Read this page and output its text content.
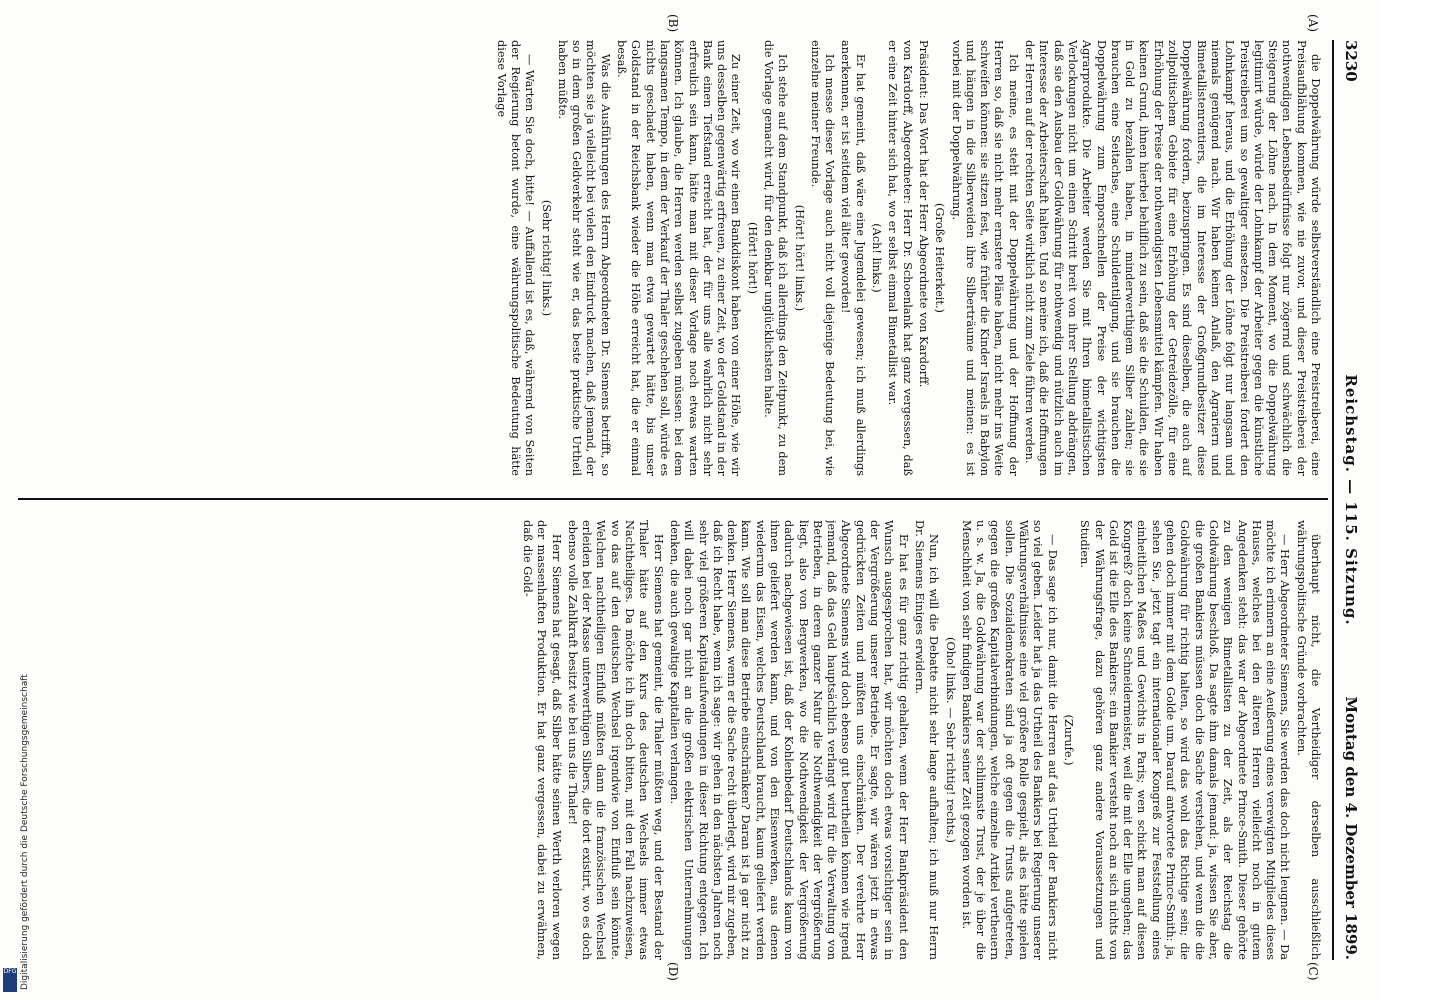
3230
Reichstag. — 115. Sitzung.
Montag den 4. Dezember 1899.
(A)
(B)
(C)
(D)

die Doppelwährung würde selbstverständlich eine Preistreiberei, eine Preisaufblähung kommen, wie nie zuvor, und dieser Preistreiberei der nothwendigen Lebensbedürfnisse folgt nur zögernd und schwächlich die Steigerung der Löhne nach. In dem Moment, wo die Doppelwährung legitimirt würde, würde der Lohnkampf der Arbeiter gegen die künstliche Preistreiberei um so gewaltiger einsetzen. Die Preistreiberei fordert den Lohnkampf heraus, und die Erhöhung der Löhne folgt nur langsam und niemals genügend nach. Wir haben keinen Anlaß, den Agrariern und Bimetallistenrentiers, die im Interesse der Großgrundbesitzer diese Doppelwährung fordern, beizuspringen. Es sind dieselben, die auch auf zollpolitischem Gebiete für eine Erhöhung der Getreidezölle, für eine Erhöhung der Preise der nothwendigsten Lebensmittel kämpfen. Wir haben keinen Grund, ihnen hierbei behilflich zu sein, daß sie die Schulden, die sie in Gold zu bezahlen haben, in minderwerthigem Silber zahlen; sie brauchen eine Seitachse, eine Schuldentilgung, und sie brauchen die Doppelwährung zum Emporschnellen der Preise der wichtigsten Agrarprodukte. Die Arbeiter werden Sie mit Ihren bimetallistischen Verlockungen nicht um einen Schritt breit von ihrer Stellung abdrängen, daß sie den Ausbau der Goldwährung für nothwendig und nützlich auch im Interesse der Arbeiterschaft halten. Und so meine ich, daß die Hoffnungen der Herren auf der rechten Seite wirklich nicht zum Ziele führen werden.

Ich meine, es steht mit der Doppelwährung und der Hoffnung der Herren so, daß sie nicht mehr ernstere Pläne haben, nicht mehr ins Weite schweifen können: sie sitzen fest, wie früher die Kinder Israels in Babylon und hängen in die Silberweiden ihre Silberträume und meinen: es ist vorbei mit der Doppelwährung.

(Große Heiterkeit.)

Präsident: Das Wort hat der Herr Abgeordnete von Kardorff.

von Kardorff, Abgeordneter: Herr Dr. Schoenlank hat ganz vergessen, daß er eine Zeit hinter sich hat, wo er selbst einmal Bimetallist war.

(Ach! links.)

Er hat gemeint, daß wäre eine Jugendelei gewesen; ich muß allerdings anerkennen, er ist seitdem viel älter geworden!

Ich messe dieser Vorlage auch nicht voll diejenige Bedeutung bei, wie einzelne meiner Freunde.

(Hört! hört! links.)

Ich stehe auf dem Standpunkt, daß ich allerdings den Zeitpunkt, zu dem die Vorlage gemacht wird, für den denkbar unglücklichsten halte.

(Hört! hört!)

Zu einer Zeit, wo wir einen Bankdiskont haben von einer Höhe, wie wir uns desselben gegenwärtig erfreuen, zu einer Zeit, wo der Goldstand in der Bank einen Tiefstand erreicht hat, der für uns alle wahrlich nicht sehr erfreulich sein kann, hätte man mit dieser Vorlage noch etwas warten können. Ich glaube, die Herren werden selbst zugeben müssen: bei dem langsamen Tempo, in dem der Verkauf der Thaler geschehen soll, würde es nichts geschadet haben, wenn man etwa gewartet hätte, bis unser Goldstand in der Reichsbank wieder die Höhe erreicht hat, die er einmal besaß.

Was die Ausführungen des Herrn Abgeordneten Dr. Siemens betrifft, so möchten sie ja vielleicht bei vielen den Eindruck machen, daß jemand, der so in dem großen Geldverkehr steht wie er, das beste praktische Urtheil haben müßte.

(Sehr richtig! links.)

— Warten Sie doch, bitte! — Auffallend ist es, daß, während von Seiten der Regierung betont wurde, eine währungspolitische Bedeutung hätte diese Vorlage

überhaupt nicht, die Vertheidiger derselben ausschließlich währungspolitische Gründe vorbrachten.

— Herr Abgeordneter Siemens, Sie werden das doch nicht leugnen. — Da möchte ich erinnern an eine Aeußerung eines verewigten Mitgliedes dieses Hauses, welches bei den älteren Herren vielleicht noch in gutem Angedenken steht: das war der Abgeordnete Prince-Smith. Dieser gehörte zu den wenigen Bimetallisten zu der Zeit, als der Reichstag die Goldwährung beschloß. Da sagte ihm damals jemand: ja, wissen Sie aber, die großen Bankiers müssen doch die Sache verstehen, und wenn die die Goldwährung für richtig halten, so wird das wohl das Richtige sein; die gehen doch immer mit dem Golde um. Darauf antwortete Prince-Smith: ja, sehen Sie, jetzt tagt ein internationaler Kongreß zur Feststellung eines einheitlichen Maßes und Gewichts in Paris; wen schickt man auf diesen Kongreß? doch keine Schneidermeister, weil die mit der Elle umgehen; das Gold ist die Elle des Bankiers: ein Bankier versteht noch an sich nichts von der Währungsfrage, dazu gehören ganz andere Voraussetzungen und Studien.

(Zurufe.)

— Das sage ich nur, damit die Herren auf das Urtheil der Bankiers nicht so viel geben. Leider hat ja das Urtheil des Bankiers bei Regierung unserer Währungsverhältnisse eine viel größere Rolle gespielt, als es hätte spielen sollen. Die Sozialdemokraten sind ja oft gegen die Trusts aufgetreten, gegen die großen Kapitalverbindungen, welche einzelne Artikel vertheuern u. s. w. Ja, die Goldwährung war der schlimmste Trust, der je über die Menschheit von sehr findigen Bankiers seiner Zeit gezogen worden ist.

(Oho! links. — Sehr richtig! rechts.)

Nun, ich will die Debatte nicht sehr lange aufhalten; ich muß nur Herrn Dr. Siemens Einiges erwidern.

Er hat es für ganz richtig gehalten, wenn der Herr Bankpräsident den Wunsch ausgesprochen hat, wir möchten doch etwas vorsichtiger sein in der Vergrößerung unserer Betriebe. Er sagte, wir wären jetzt in etwas gedrückten Zeiten und müßten uns einschränken. Der verehrte Herr Abgeordnete Siemens wird doch ebenso gut beurtheilen können wie irgend jemand, daß das Geld hauptsächlich verlangt wird für die Verwaltung von Betrieben, in deren ganzer Natur die Nothwendigkeit der Vergrößerung liegt, also von Bergwerken, wo die Nothwendigkeit der Vergrößerung dadurch nachgewiesen ist, daß der Kohlenbedarf Deutschlands kaum von ihnen geliefert werden kann, und von den Eisenwerken, aus denen wiederum das Eisen, welches Deutschland braucht, kaum geliefert werden kann. Wie soll man diese Betriebe einschränken? Daran ist ja gar nicht zu denken. Herr Siemens, wenn er die Sache recht überlegt, wird mir zugeben, daß ich Recht habe, wenn ich sage: wir gehen in den nächsten Jahren noch sehr viel größeren Kapitalaufwendungen in dieser Richtung entgegen. Ich will dabei noch gar nicht an die großen elektrischen Unternehmungen denken, die auch gewaltige Kapitalien verlangen.

Herr Siemens hat gemeint, die Thaler müßten weg, und der Bestand der Thaler hätte auf den Kurs des deutschen Wechsels immer etwas Nachtheiliges. Da möchte ich ihn doch bitten, mit den Fall nachzuweisen, wo das auf den deutschen Wechsel irgendwie von Einfluß sein könnte. Welchen nachtheiligen Einfluß müßten dann die französischen Wechsel erleiden bei der Masse unterwerthigen Silbers, die dort existirt, wo es doch ebenso volle Zahlkraft besitzt wie bei uns die Thaler!

Herr Siemens hat gesagt, daß Silber hätte seinen Werth verloren wegen der massenhaften Produktion. Er hat ganz vergessen, dabei zu erwähnen, daß die Gold-

Digitalisierung gefördert durch die Deutsche Forschungsgemeinschaft
DFG
